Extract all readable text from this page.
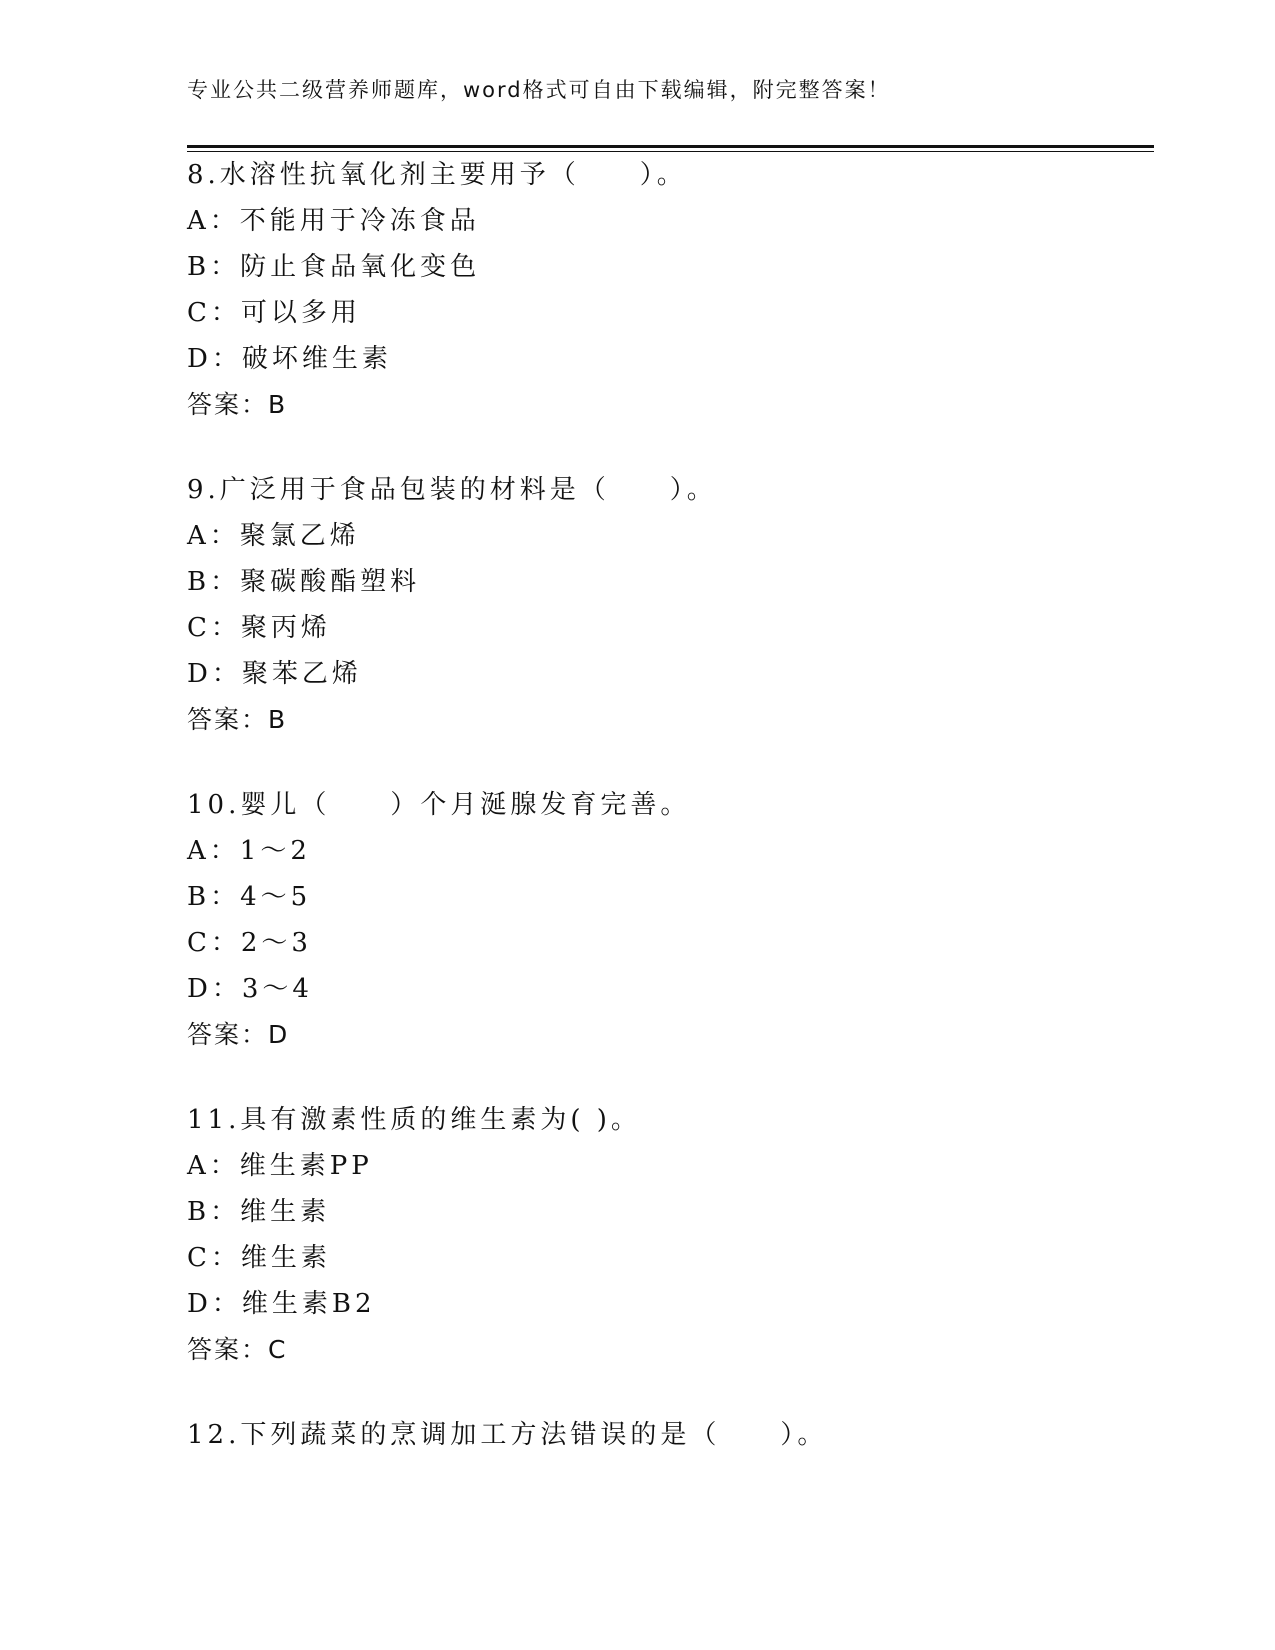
专业公共二级营养师题库，word格式可自由下载编辑，附完整答案！
8.水溶性抗氧化剂主要用予（　　）。
A：不能用于冷冻食品
B：防止食品氧化变色
C：可以多用
D：破坏维生素
答案：B
9.广泛用于食品包装的材料是（　　）。
A：聚氯乙烯
B：聚碳酸酯塑料
C：聚丙烯
D：聚苯乙烯
答案：B
10.婴儿（　　）个月涎腺发育完善。
A：1～2
B：4～5
C：2～3
D：3～4
答案：D
11.具有激素性质的维生素为( )。
A：维生素PP
B：维生素
C：维生素
D：维生素B2
答案：C
12.下列蔬菜的烹调加工方法错误的是（　　）。
